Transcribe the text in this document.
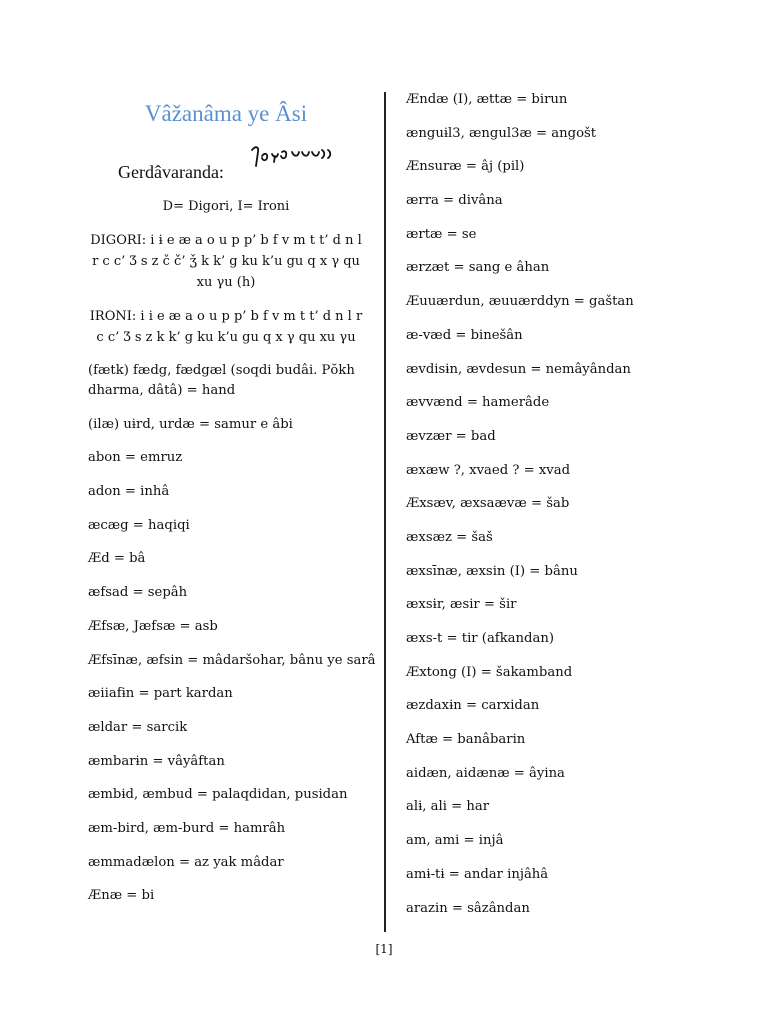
Vâžanâma ye Âsi
Gerdâvaranda:
D= Digori, I= Ironi
DIGORI: i ɨ e æ a o u p p’ b f v m t t’ d n l r c c’ Ʒ s z č č’ ǯ k k’ g ku k’u gu q x γ qu xu γu (h)
IRONI: i i e æ a o u p p’ b f v m t t’ d n l r c c’ Ʒ s z k k’ g ku k’u gu q x γ qu xu γu
(fætk) fædg, fædgæl (soqdi budâi. Pŏkh dharma, dâtâ) = hand
(ilæ) uɨrd, urdæ = samur e âbi
abon = emruz
adon = inhâ
æcæg = haqiqi
Æd = bâ
æfsad = sepâh
Æfsæ, Jæfsæ = asb
Æfsīnæ, æfsin = mâdaršohar, bânu ye sarâ
æiiafɨn = part kardan
ældar = sarcik
æmbarɨn = vâyâftan
æmbɨd, æmbud = palaqdidan, pusidan
æm-bird, æm-burd = hamrâh
æmmadælon = az yak mâdar
Ænæ = bi
Ændæ (I), ættæ = birun
ænguɨl3, ængul3æ = angošt
Ænsuræ = âj (pil)
ærra = divâna
ærtæ = se
ærzæt = sang e âhan
Æuuærdun, æuuærddyn = gaštan
æ-væd = binešân
ævdisɨn, ævdesun = nemâyândan
ævvænd = hamerâde
ævzær = bad
æxæw ?, xvaed ? = xvad
Æxsæv, æxsaævæ = šab
æxsæz = šaš
æxsīnæ, æxsin (I) = bânu
æxsɨr, æsir = šir
æxs-t = tir (afkandan)
Æxtong (I) = šakamband
æzdaxɨn = carxidan
Aftæ = banâbarin
aidæn, aidænæ = âyina
alɨ, ali = har
am, ami = injâ
amɨ-tɨ = andar injâhâ
arazin = sâzândan
[1]
